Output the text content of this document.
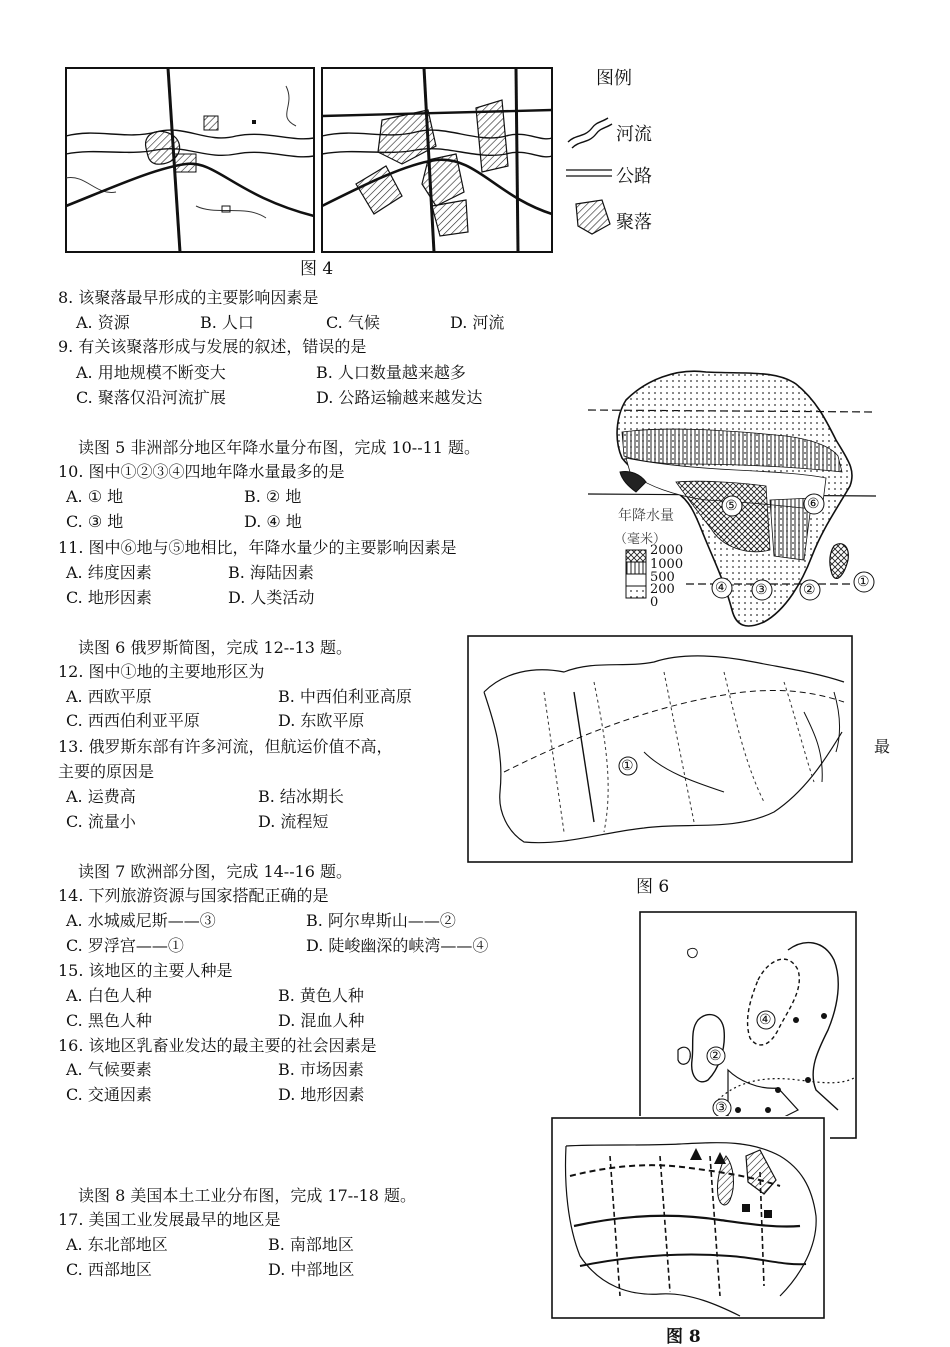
图例
河流
公路
聚落
图 4
8. 该聚落最早形成的主要影响因素是
A. 资源	B. 人口	C. 气候	D. 河流
9. 有关该聚落形成与发展的叙述，错误的是
A. 用地规模不断变大	B. 人口数量越来越多
C. 聚落仅沿河流扩展	D. 公路运输越来越发达
年降水量
（毫米）
2000
1000
500
200
0
⑤	⑥
①
②
③
④
读图 5 非洲部分地区年降水量分布图，完成 10--11 题。
10. 图中①②③④四地年降水量最多的是
A. ① 地	B. ② 地
C. ③ 地	D. ④ 地
11. 图中⑥地与⑤地相比，年降水量少的主要影响因素是
A. 纬度因素	B. 海陆因素
C. 地形因素	D. 人类活动
①
图 6
读图 6 俄罗斯简图，完成 12--13 题。
12. 图中①地的主要地形区为
A. 西欧平原	B. 中西伯利亚高原
C. 西西伯利亚平原	D. 东欧平原
13. 俄罗斯东部有许多河流，但航运价值不高，	最
主要的原因是
A. 运费高	B. 结冰期长
C. 流量小	D. 流程短
④
②
③
读图 7 欧洲部分图，完成 14--16 题。
14. 下列旅游资源与国家搭配正确的是
A. 水城威尼斯——③	B. 阿尔卑斯山——②
C. 罗浮宫——①	D. 陡峻幽深的峡湾——④
15. 该地区的主要人种是
A. 白色人种	B. 黄色人种
C. 黑色人种	D. 混血人种
16. 该地区乳畜业发达的最主要的社会因素是
A. 气候要素	B. 市场因素
C. 交通因素	D. 地形因素
图 8
读图 8 美国本土工业分布图，完成 17--18 题。
17. 美国工业发展最早的地区是
A. 东北部地区	B. 南部地区
C. 西部地区	D. 中部地区
